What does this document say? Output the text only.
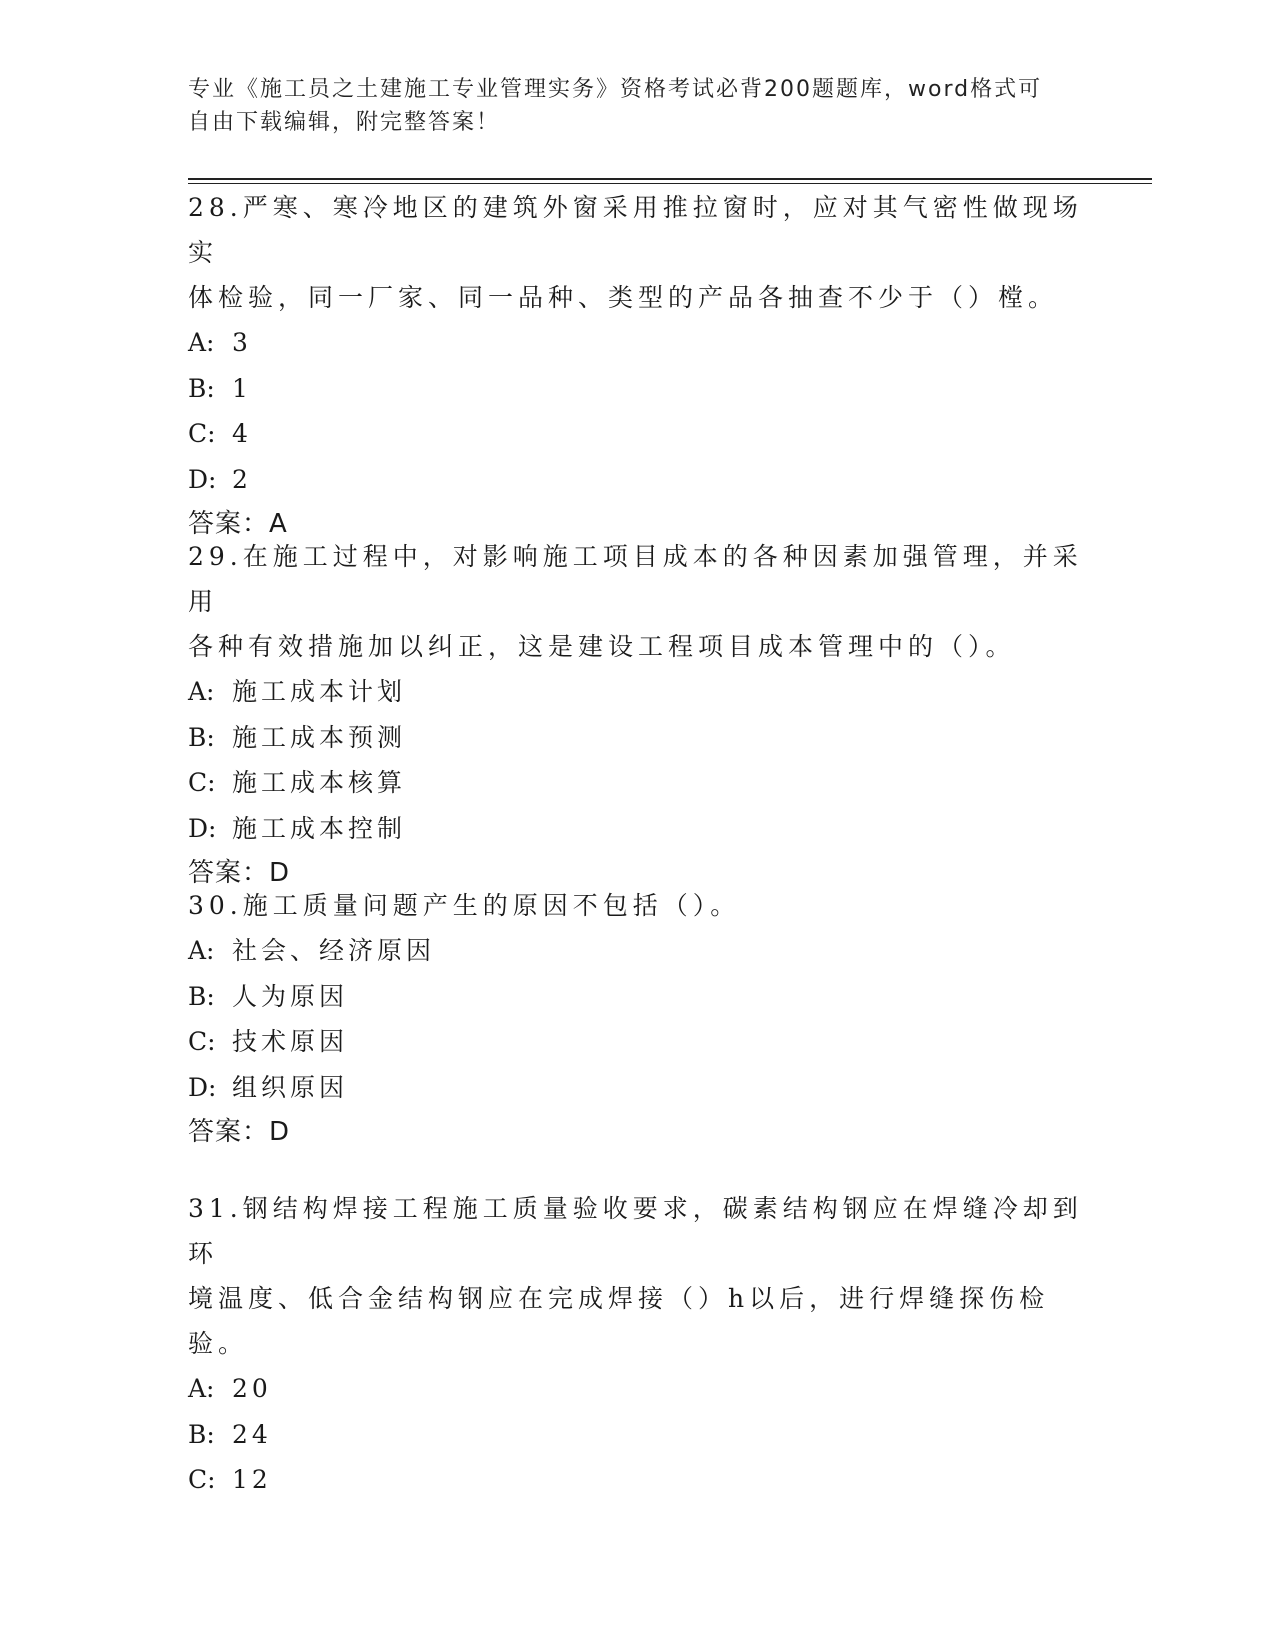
专业《施工员之土建施工专业管理实务》资格考试必背200题题库，word格式可
自由下载编辑，附完整答案！

28.严寒、寒冷地区的建筑外窗采用推拉窗时，应对其气密性做现场实

体检验，同一厂家、同一品种、类型的产品各抽查不少于（）樘。

A: 3

B: 1

C: 4

D: 2

答案：A

29.在施工过程中，对影响施工项目成本的各种因素加强管理，并采用

各种有效措施加以纠正，这是建设工程项目成本管理中的（）。

A: 施工成本计划

B: 施工成本预测

C: 施工成本核算

D: 施工成本控制

答案：D

30.施工质量问题产生的原因不包括（）。

A: 社会、经济原因

B: 人为原因

C: 技术原因

D: 组织原因

答案：D

31.钢结构焊接工程施工质量验收要求，碳素结构钢应在焊缝冷却到环

境温度、低合金结构钢应在完成焊接（）h以后，进行焊缝探伤检验。

A: 20

B: 24

C: 12
